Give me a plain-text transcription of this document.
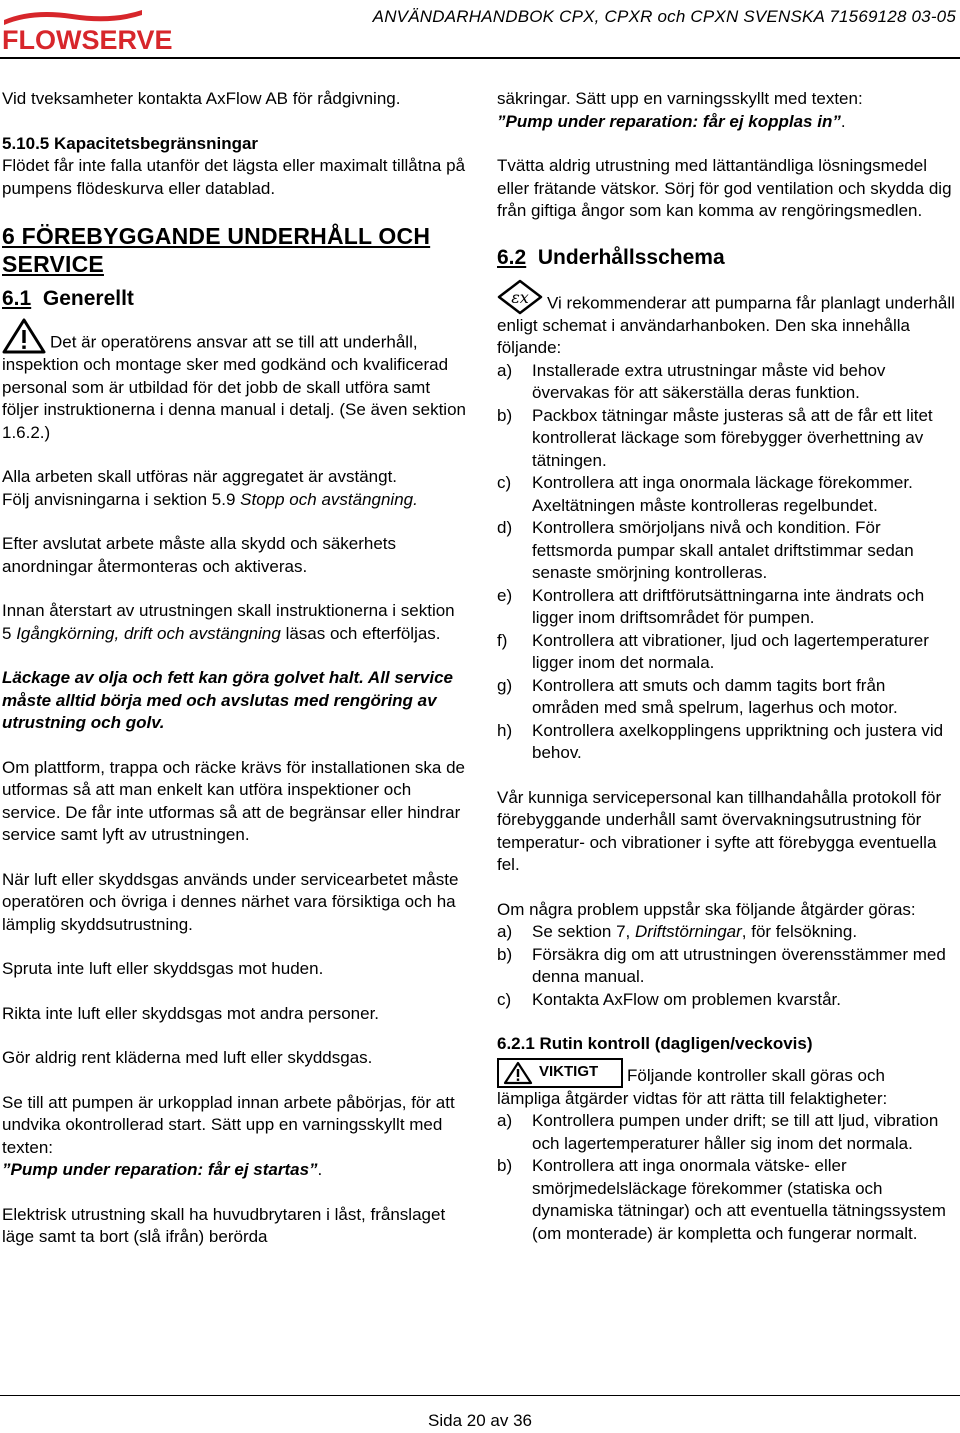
FLOWSERVE
ANVÄNDARHANDBOK CPX, CPXR och CPXN SVENSKA 71569128 03-05

Vid tveksamheter kontakta AxFlow AB för rådgivning.

5.10.5 Kapacitetsbegränsningar

Flödet får inte falla utanför det lägsta eller maximalt tillåtna på pumpens flödeskurva eller datablad.

6 FÖREBYGGANDE UNDERHÅLL OCH SERVICE
6.1 Generellt

Det är operatörens ansvar att se till att underhåll, inspektion och montage sker med godkänd och kvalificerad personal som är utbildad för det jobb de skall utföra samt följer instruktionerna i denna manual i detalj. (Se även sektion 1.6.2.)

Alla arbeten skall utföras när aggregatet är avstängt.
Följ anvisningarna i sektion 5.9 Stopp och avstängning.

Efter avslutat arbete måste alla skydd och säkerhets anordningar återmonteras och aktiveras.

Innan återstart av utrustningen skall instruktionerna i sektion 5 Igångkörning, drift och avstängning läsas och efterföljas.

Läckage av olja och fett kan göra golvet halt. All service måste alltid börja med och avslutas med rengöring av utrustning och golv.

Om plattform, trappa och räcke krävs för installationen ska de utformas så att man enkelt kan utföra inspektioner och service. De får inte utformas så att de begränsar eller hindrar service samt lyft av utrustningen.

När luft eller skyddsgas används under servicearbetet måste operatören och övriga i dennes närhet vara försiktiga och ha lämplig skyddsutrustning.

Spruta inte luft eller skyddsgas mot huden.

Rikta inte luft eller skyddsgas mot andra personer.

Gör aldrig rent kläderna med luft eller skyddsgas.

Se till att pumpen är urkopplad innan arbete påbörjas, för att undvika okontrollerad start. Sätt upp en varningsskyllt med texten:
”Pump under reparation: får ej startas”.

Elektrisk utrustning skall ha huvudbrytaren i låst, frånslaget läge samt ta bort (slå ifrån) berörda

säkringar. Sätt upp en varningsskyllt med texten:
”Pump under reparation: får ej kopplas in”.

Tvätta aldrig utrustning med lättantändliga lösningsmedel eller frätande vätskor. Sörj för god ventilation och skydda dig från giftiga ångor som kan komma av rengöringsmedlen.

6.2 Underhållsschema

εx Vi rekommenderar att pumparna får planlagt underhåll enligt schemat i användarhanboken. Den ska innehålla följande:

a)	Installerade extra utrustningar måste vid behov övervakas för att säkerställa deras funktion.
b)	Packbox tätningar måste justeras så att de får ett litet kontrollerat läckage som förebygger överhettning av tätningen.
c)	Kontrollera att inga onormala läckage förekommer. Axeltätningen måste kontrolleras regelbundet.
d)	Kontrollera smörjoljans nivå och kondition. För fettsmorda pumpar skall antalet driftstimmar sedan senaste smörjning kontrolleras.
e)	Kontrollera att driftförutsättningarna inte ändrats och ligger inom driftsområdet för pumpen.
f)	Kontrollera att vibrationer, ljud och lagertemperaturer ligger inom det normala.
g)	Kontrollera att smuts och damm tagits bort från områden med små spelrum, lagerhus och motor.
h)	Kontrollera axelkopplingens uppriktning och justera vid behov.

Vår kunniga servicepersonal kan tillhandahålla protokoll för förebyggande underhåll samt övervakningsutrustning för temperatur- och vibrationer i syfte att förebygga eventuella fel.

Om några problem uppstår ska följande åtgärder göras:

a)	Se sektion 7, Driftstörningar, för felsökning.
b)	Försäkra dig om att utrustningen överensstämmer med denna manual.
c)	Kontakta AxFlow om problemen kvarstår.
6.2.1 Rutin kontroll (dagligen/veckovis)
VIKTIGT Följande kontroller skall göras och

lämpliga åtgärder vidtas för att rätta till felaktigheter:

a)	Kontrollera pumpen under drift; se till att ljud, vibration och lagertemperaturer håller sig inom det normala.
b)	Kontrollera att inga onormala vätske- eller smörjmedelsläckage förekommer (statiska och dynamiska tätningar) och att eventuella tätningssystem (om monterade) är kompletta och fungerar normalt.
Sida 20 av 36
